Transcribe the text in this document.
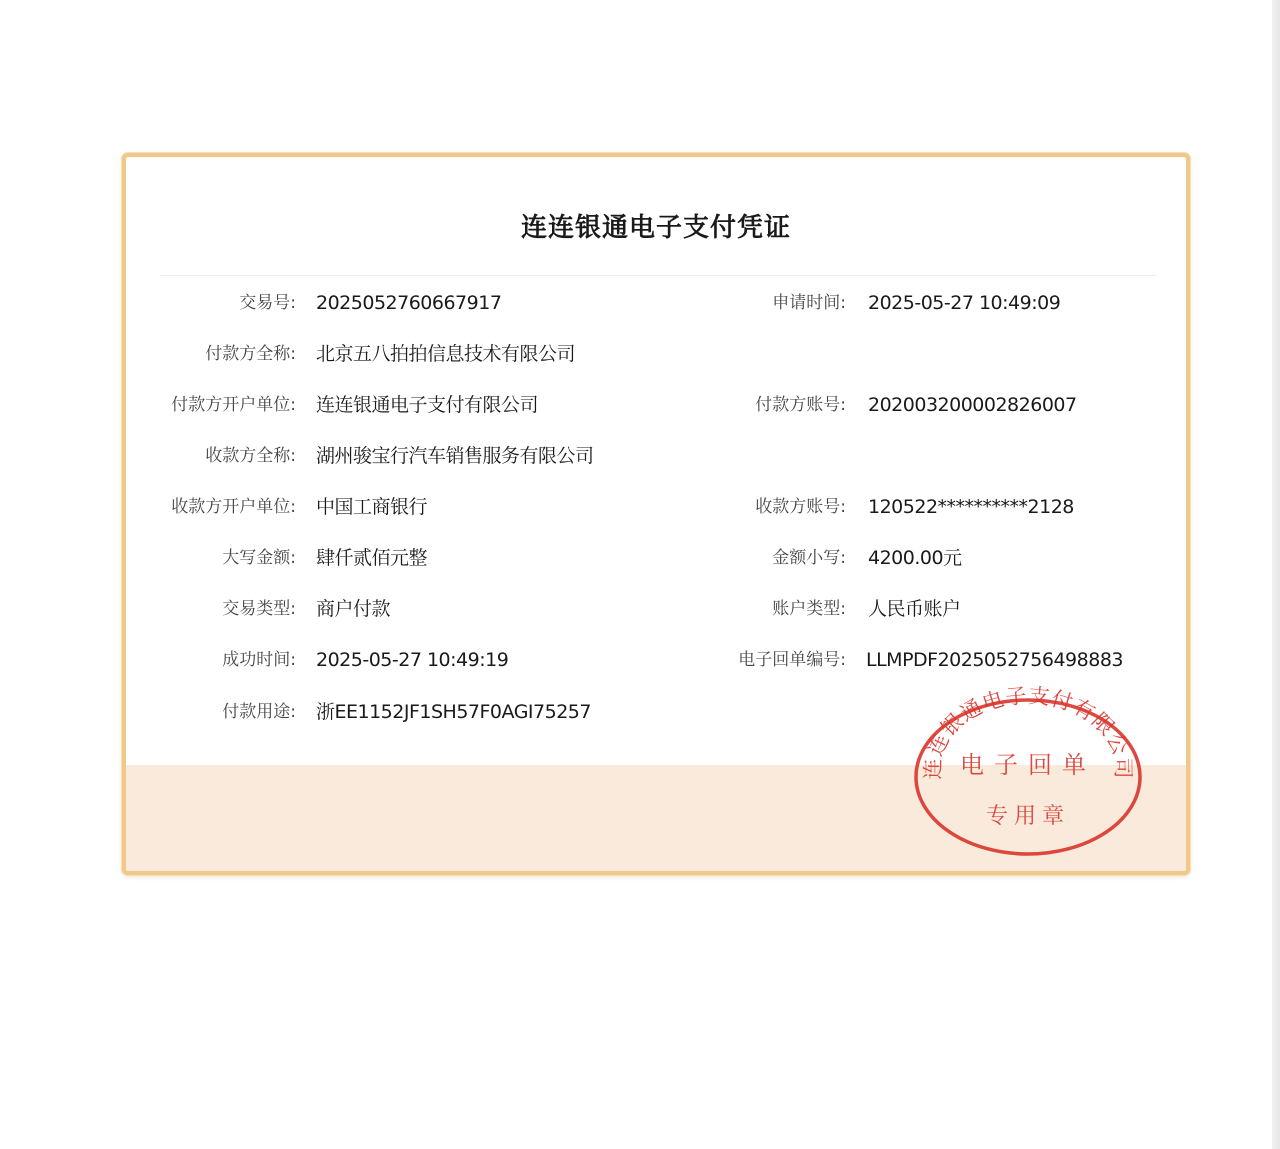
连连银通电子支付凭证
交易号: 2025052760667917	申请时间: 2025-05-27 10:49:09
付款方全称: 北京五八拍拍信息技术有限公司
付款方开户单位: 连连银通电子支付有限公司	付款方账号: 202003200002826007
收款方全称: 湖州骏宝行汽车销售服务有限公司
收款方开户单位: 中国工商银行	收款方账号: 120522**********2128
大写金额: 肆仟贰佰元整	金额小写: 4200.00元
交易类型: 商户付款	账户类型: 人民币账户
成功时间: 2025-05-27 10:49:19	电子回单编号: LLMPDF2025052756498883
付款用途: 浙EE1152JF1SH57F0AGI75257
连连银通电子支付有限公司
电子回单
专用章
